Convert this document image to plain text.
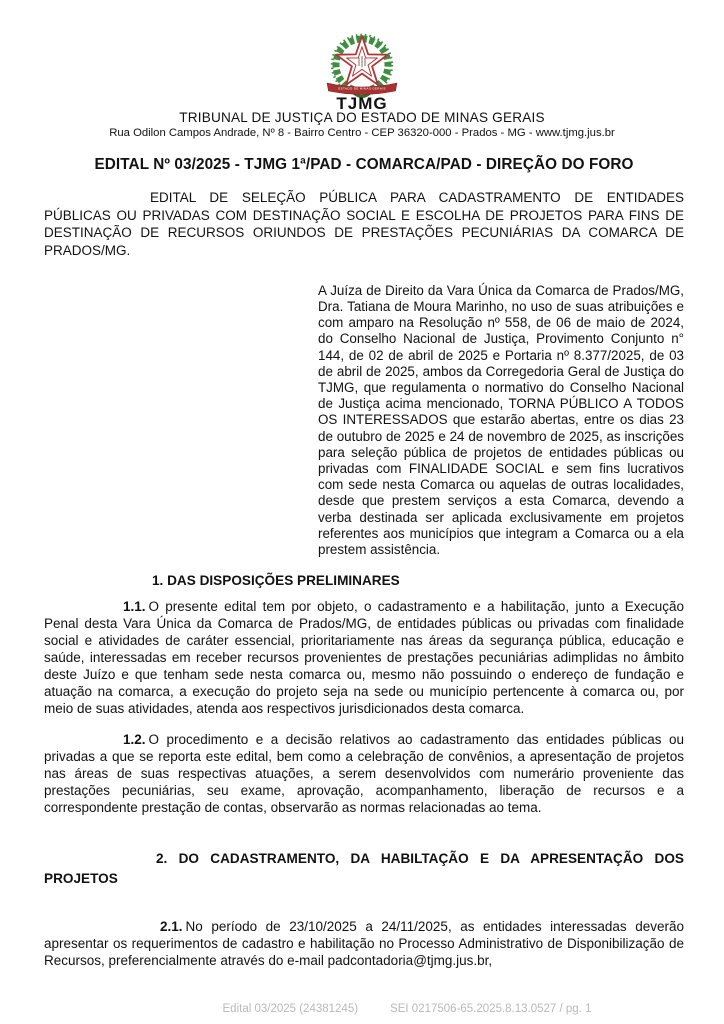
ESTADO DE MINAS GERAIS
TJMG
TRIBUNAL DE JUSTIÇA DO ESTADO DE MINAS GERAIS
Rua Odilon Campos Andrade, Nº 8 - Bairro Centro - CEP 36320-000 - Prados - MG - www.tjmg.jus.br
EDITAL Nº 03/2025 - TJMG 1ª/PAD - COMARCA/PAD - DIREÇÃO DO FORO

EDITAL DE SELEÇÃO PÚBLICA PARA CADASTRAMENTO DE ENTIDADES PÚBLICAS OU PRIVADAS COM DESTINAÇÃO SOCIAL E ESCOLHA DE PROJETOS PARA FINS DE DESTINAÇÃO DE RECURSOS ORIUNDOS DE PRESTAÇÕES PECUNIÁRIAS DA COMARCA DE PRADOS/MG.

A Juíza de Direito da Vara Única da Comarca de Prados/MG, Dra. Tatiana de Moura Marinho, no uso de suas atribuições e com amparo na Resolução nº 558, de 06 de maio de 2024, do Conselho Nacional de Justiça, Provimento Conjunto n° 144, de 02 de abril de 2025 e Portaria nº 8.377/2025, de 03 de abril de 2025, ambos da Corregedoria Geral de Justiça do TJMG, que regulamenta o normativo do Conselho Nacional de Justiça acima mencionado, TORNA PÚBLICO A TODOS OS INTERESSADOS que estarão abertas, entre os dias 23 de outubro de 2025 e 24 de novembro de 2025, as inscrições para seleção pública de projetos de entidades públicas ou privadas com FINALIDADE SOCIAL e sem fins lucrativos com sede nesta Comarca ou aquelas de outras localidades, desde que prestem serviços a esta Comarca, devendo a verba destinada ser aplicada exclusivamente em projetos referentes aos municípios que integram a Comarca ou a ela prestem assistência.

1. DAS DISPOSIÇÕES PRELIMINARES

1.1. O presente edital tem por objeto, o cadastramento e a habilitação, junto a Execução Penal desta Vara Única da Comarca de Prados/MG, de entidades públicas ou privadas com finalidade social e atividades de caráter essencial, prioritariamente nas áreas da segurança pública, educação e saúde, interessadas em receber recursos provenientes de prestações pecuniárias adimplidas no âmbito deste Juízo e que tenham sede nesta comarca ou, mesmo não possuindo o endereço de fundação e atuação na comarca, a execução do projeto seja na sede ou município pertencente à comarca ou, por meio de suas atividades, atenda aos respectivos jurisdicionados desta comarca.

1.2. O procedimento e a decisão relativos ao cadastramento das entidades públicas ou privadas a que se reporta este edital, bem como a celebração de convênios, a apresentação de projetos nas áreas de suas respectivas atuações, a serem desenvolvidos com numerário proveniente das prestações pecuniárias, seu exame, aprovação, acompanhamento, liberação de recursos e a correspondente prestação de contas, observarão as normas relacionadas ao tema.

2. DO CADASTRAMENTO, DA HABILTAÇÃO E DA APRESENTAÇÃO DOS PROJETOS

2.1. No período de 23/10/2025 a 24/11/2025, as entidades interessadas deverão apresentar os requerimentos de cadastro e habilitação no Processo Administrativo de Disponibilização de Recursos, preferencialmente através do e-mail padcontadoria@tjmg.jus.br,

Edital 03/2025 (24381245)	SEI 0217506-65.2025.8.13.0527 / pg. 1
